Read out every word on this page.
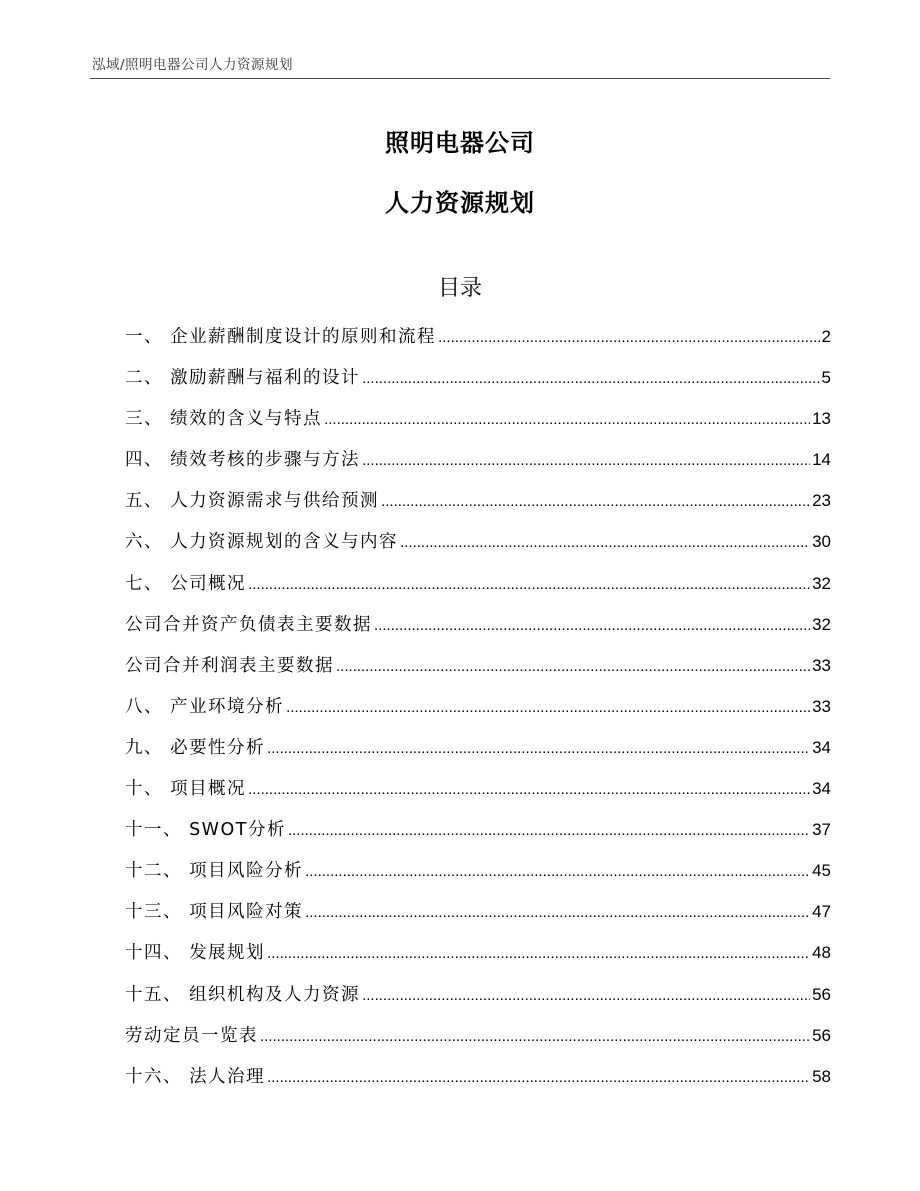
泓域/照明电器公司人力资源规划
照明电器公司
人力资源规划
目录
一、 企业薪酬制度设计的原则和流程 .....	2
二、 激励薪酬与福利的设计 .....	5
三、 绩效的含义与特点 .....	13
四、 绩效考核的步骤与方法 .....	14
五、 人力资源需求与供给预测 .....	23
六、 人力资源规划的含义与内容 .....	30
七、 公司概况 .....	32
公司合并资产负债表主要数据 .....	32
公司合并利润表主要数据 .....	33
八、 产业环境分析 .....	33
九、 必要性分析 .....	34
十、 项目概况 .....	34
十一、 SWOT分析 .....	37
十二、 项目风险分析 .....	45
十三、 项目风险对策 .....	47
十四、 发展规划 .....	48
十五、 组织机构及人力资源 .....	56
劳动定员一览表 .....	56
十六、 法人治理 .....	58
